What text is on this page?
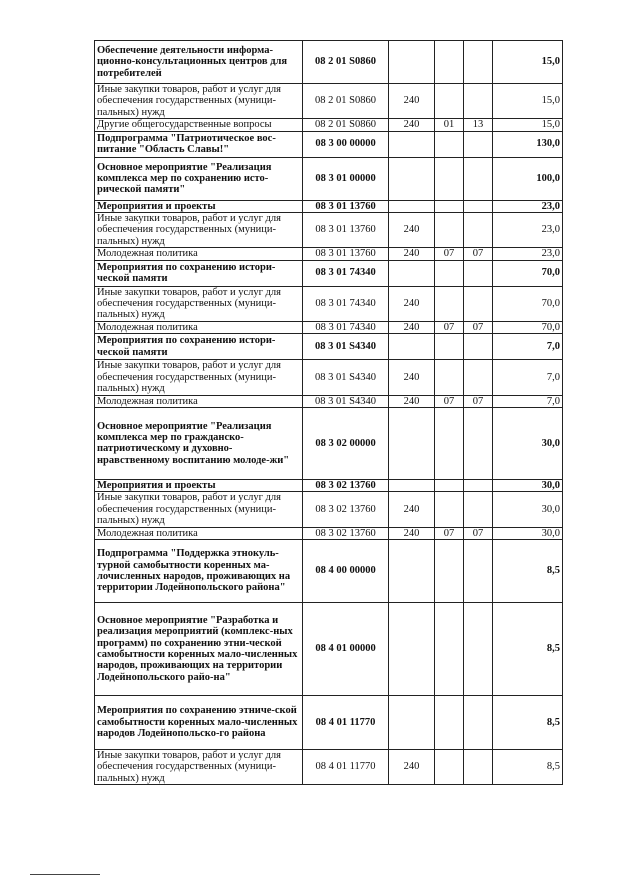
Обеспечение деятельности информа-ционно-консультационных центров для потребителей	08 2 01 S0860				15,0
Иные закупки товаров, работ и услуг для обеспечения государственных (муници-пальных) нужд	08 2 01 S0860	240			15,0
Другие общегосударственные вопросы	08 2 01 S0860	240	01	13	15,0
Подпрограмма "Патриотическое вос-питание "Область Славы!"	08 3 00 00000				130,0
Основное мероприятие "Реализация комплекса мер по сохранению исто-рической памяти"	08 3 01 00000				100,0
Мероприятия и проекты	08 3 01 13760				23,0
Иные закупки товаров, работ и услуг для обеспечения государственных (муници-пальных) нужд	08 3 01 13760	240			23,0
Молодежная политика	08 3 01 13760	240	07	07	23,0
Мероприятия по сохранению истори-ческой памяти	08 3 01 74340				70,0
Иные закупки товаров, работ и услуг для обеспечения государственных (муници-пальных) нужд	08 3 01 74340	240			70,0
Молодежная политика	08 3 01 74340	240	07	07	70,0
Мероприятия по сохранению истори-ческой памяти	08 3 01 S4340				7,0
Иные закупки товаров, работ и услуг для обеспечения государственных (муници-пальных) нужд	08 3 01 S4340	240			7,0
Молодежная политика	08 3 01 S4340	240	07	07	7,0
Основное мероприятие "Реализация комплекса мер по гражданско-патриотическому и духовно-нравственному воспитанию молоде-жи"	08 3 02 00000				30,0
Мероприятия и проекты	08 3 02 13760				30,0
Иные закупки товаров, работ и услуг для обеспечения государственных (муници-пальных) нужд	08 3 02 13760	240			30,0
Молодежная политика	08 3 02 13760	240	07	07	30,0
Подпрограмма "Поддержка этнокуль-турной самобытности коренных ма-лочисленных народов, проживающих на территории Лодейнопольского района"	08 4 00 00000				8,5
Основное мероприятие "Разработка и реализация мероприятий (комплекс-ных программ) по сохранению этни-ческой самобытности коренных мало-численных народов, проживающих на территории Лодейнопольского райо-на"	08 4 01 00000				8,5
Мероприятия по сохранению этниче-ской самобытности коренных мало-численных народов Лодейнопольско-го района	08 4 01 11770				8,5
Иные закупки товаров, работ и услуг для обеспечения государственных (муници-пальных) нужд	08 4 01 11770	240			8,5
